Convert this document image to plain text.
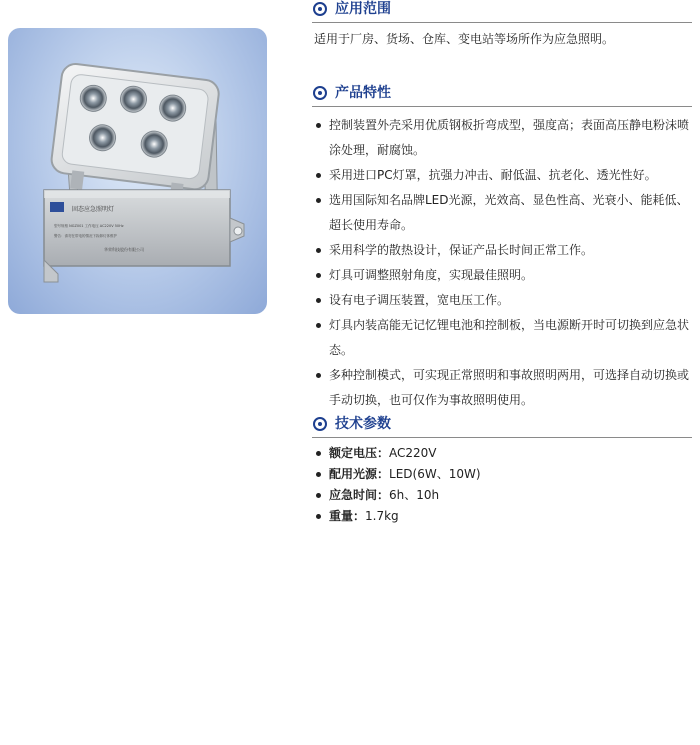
固态应急照明灯
型号规格 NGZ001 工作电压 AC220V 50Hz
警告：请勿在带电的情况下拆卸灯体维护
华荣科技股份有限公司
应用范围
适用于厂房、货场、仓库、变电站等场所作为应急照明。
产品特性
控制装置外壳采用优质钢板折弯成型，强度高；表面高压静电粉沫喷涂处理，耐腐蚀。
采用进口PC灯罩，抗强力冲击、耐低温、抗老化、透光性好。
选用国际知名品牌LED光源，光效高、显色性高、光衰小、能耗低、超长使用寿命。
采用科学的散热设计，保证产品长时间正常工作。
灯具可调整照射角度，实现最佳照明。
设有电子调压装置，宽电压工作。
灯具内装高能无记忆锂电池和控制板，当电源断开时可切换到应急状态。
多种控制模式，可实现正常照明和事故照明两用，可选择自动切换或手动切换，也可仅作为事故照明使用。
技术参数
额定电压：AC220V
配用光源：LED(6W、10W)
应急时间：6h、10h
重量：1.7kg
